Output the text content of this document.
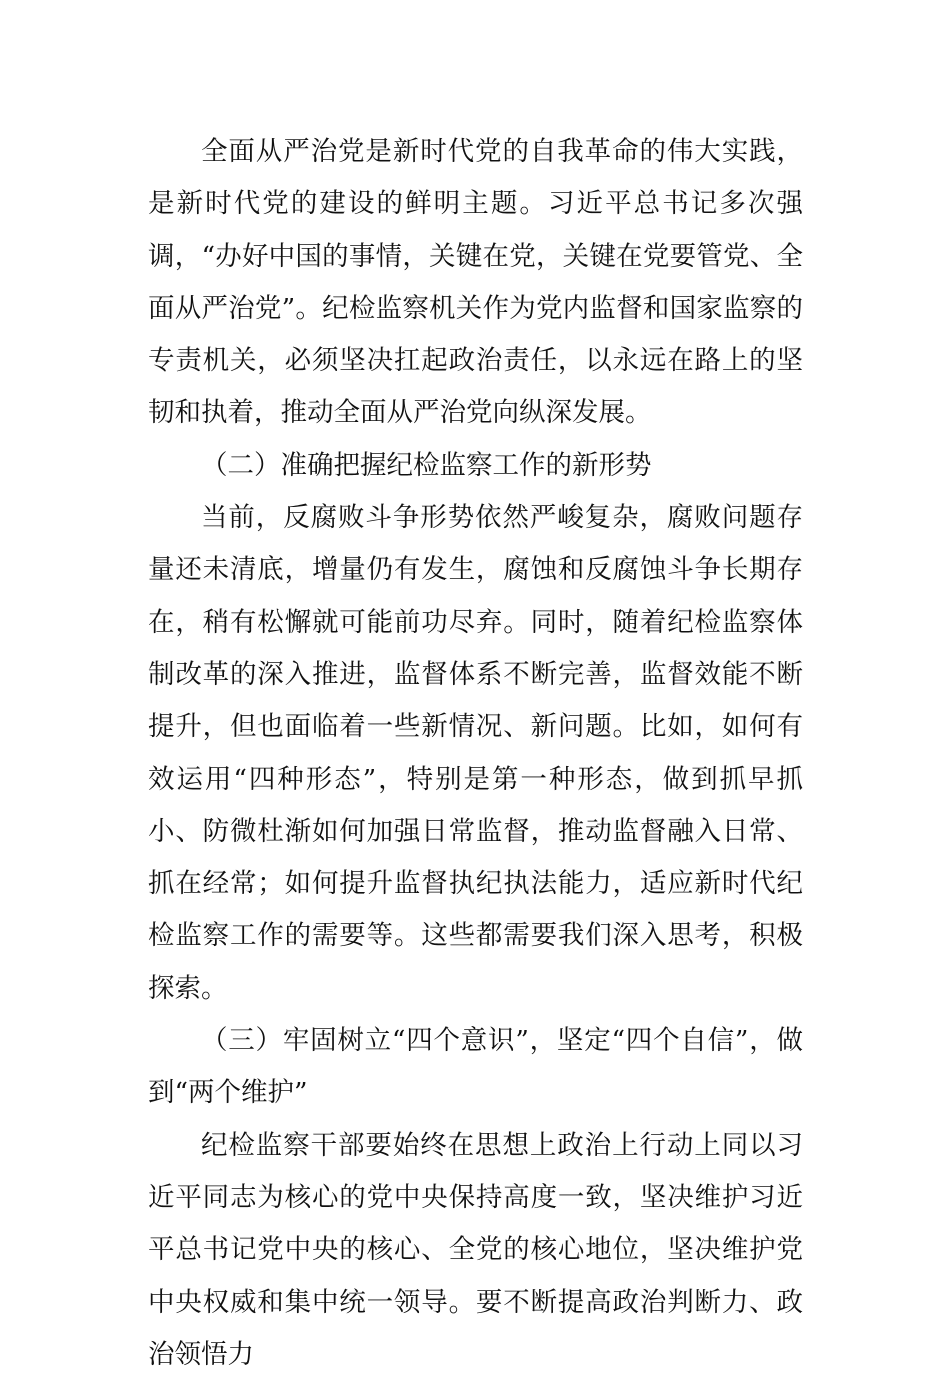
全面从严治党是新时代党的自我革命的伟大实践，是新时代党的建设的鲜明主题。习近平总书记多次强调，“办好中国的事情，关键在党，关键在党要管党、全面从严治党”。纪检监察机关作为党内监督和国家监察的专责机关，必须坚决扛起政治责任，以永远在路上的坚韧和执着，推动全面从严治党向纵深发展。

（二）准确把握纪检监察工作的新形势

当前，反腐败斗争形势依然严峻复杂，腐败问题存量还未清底，增量仍有发生，腐蚀和反腐蚀斗争长期存在，稍有松懈就可能前功尽弃。同时，随着纪检监察体制改革的深入推进，监督体系不断完善，监督效能不断提升，但也面临着一些新情况、新问题。比如，如何有效运用“四种形态”，特别是第一种形态，做到抓早抓小、防微杜渐如何加强日常监督，推动监督融入日常、抓在经常；如何提升监督执纪执法能力，适应新时代纪检监察工作的需要等。这些都需要我们深入思考，积极探索。

（三）牢固树立“四个意识”，坚定“四个自信”，做到“两个维护”

纪检监察干部要始终在思想上政治上行动上同以习近平同志为核心的党中央保持高度一致，坚决维护习近平总书记党中央的核心、全党的核心地位，坚决维护党中央权威和集中统一领导。要不断提高政治判断力、政治领悟力
